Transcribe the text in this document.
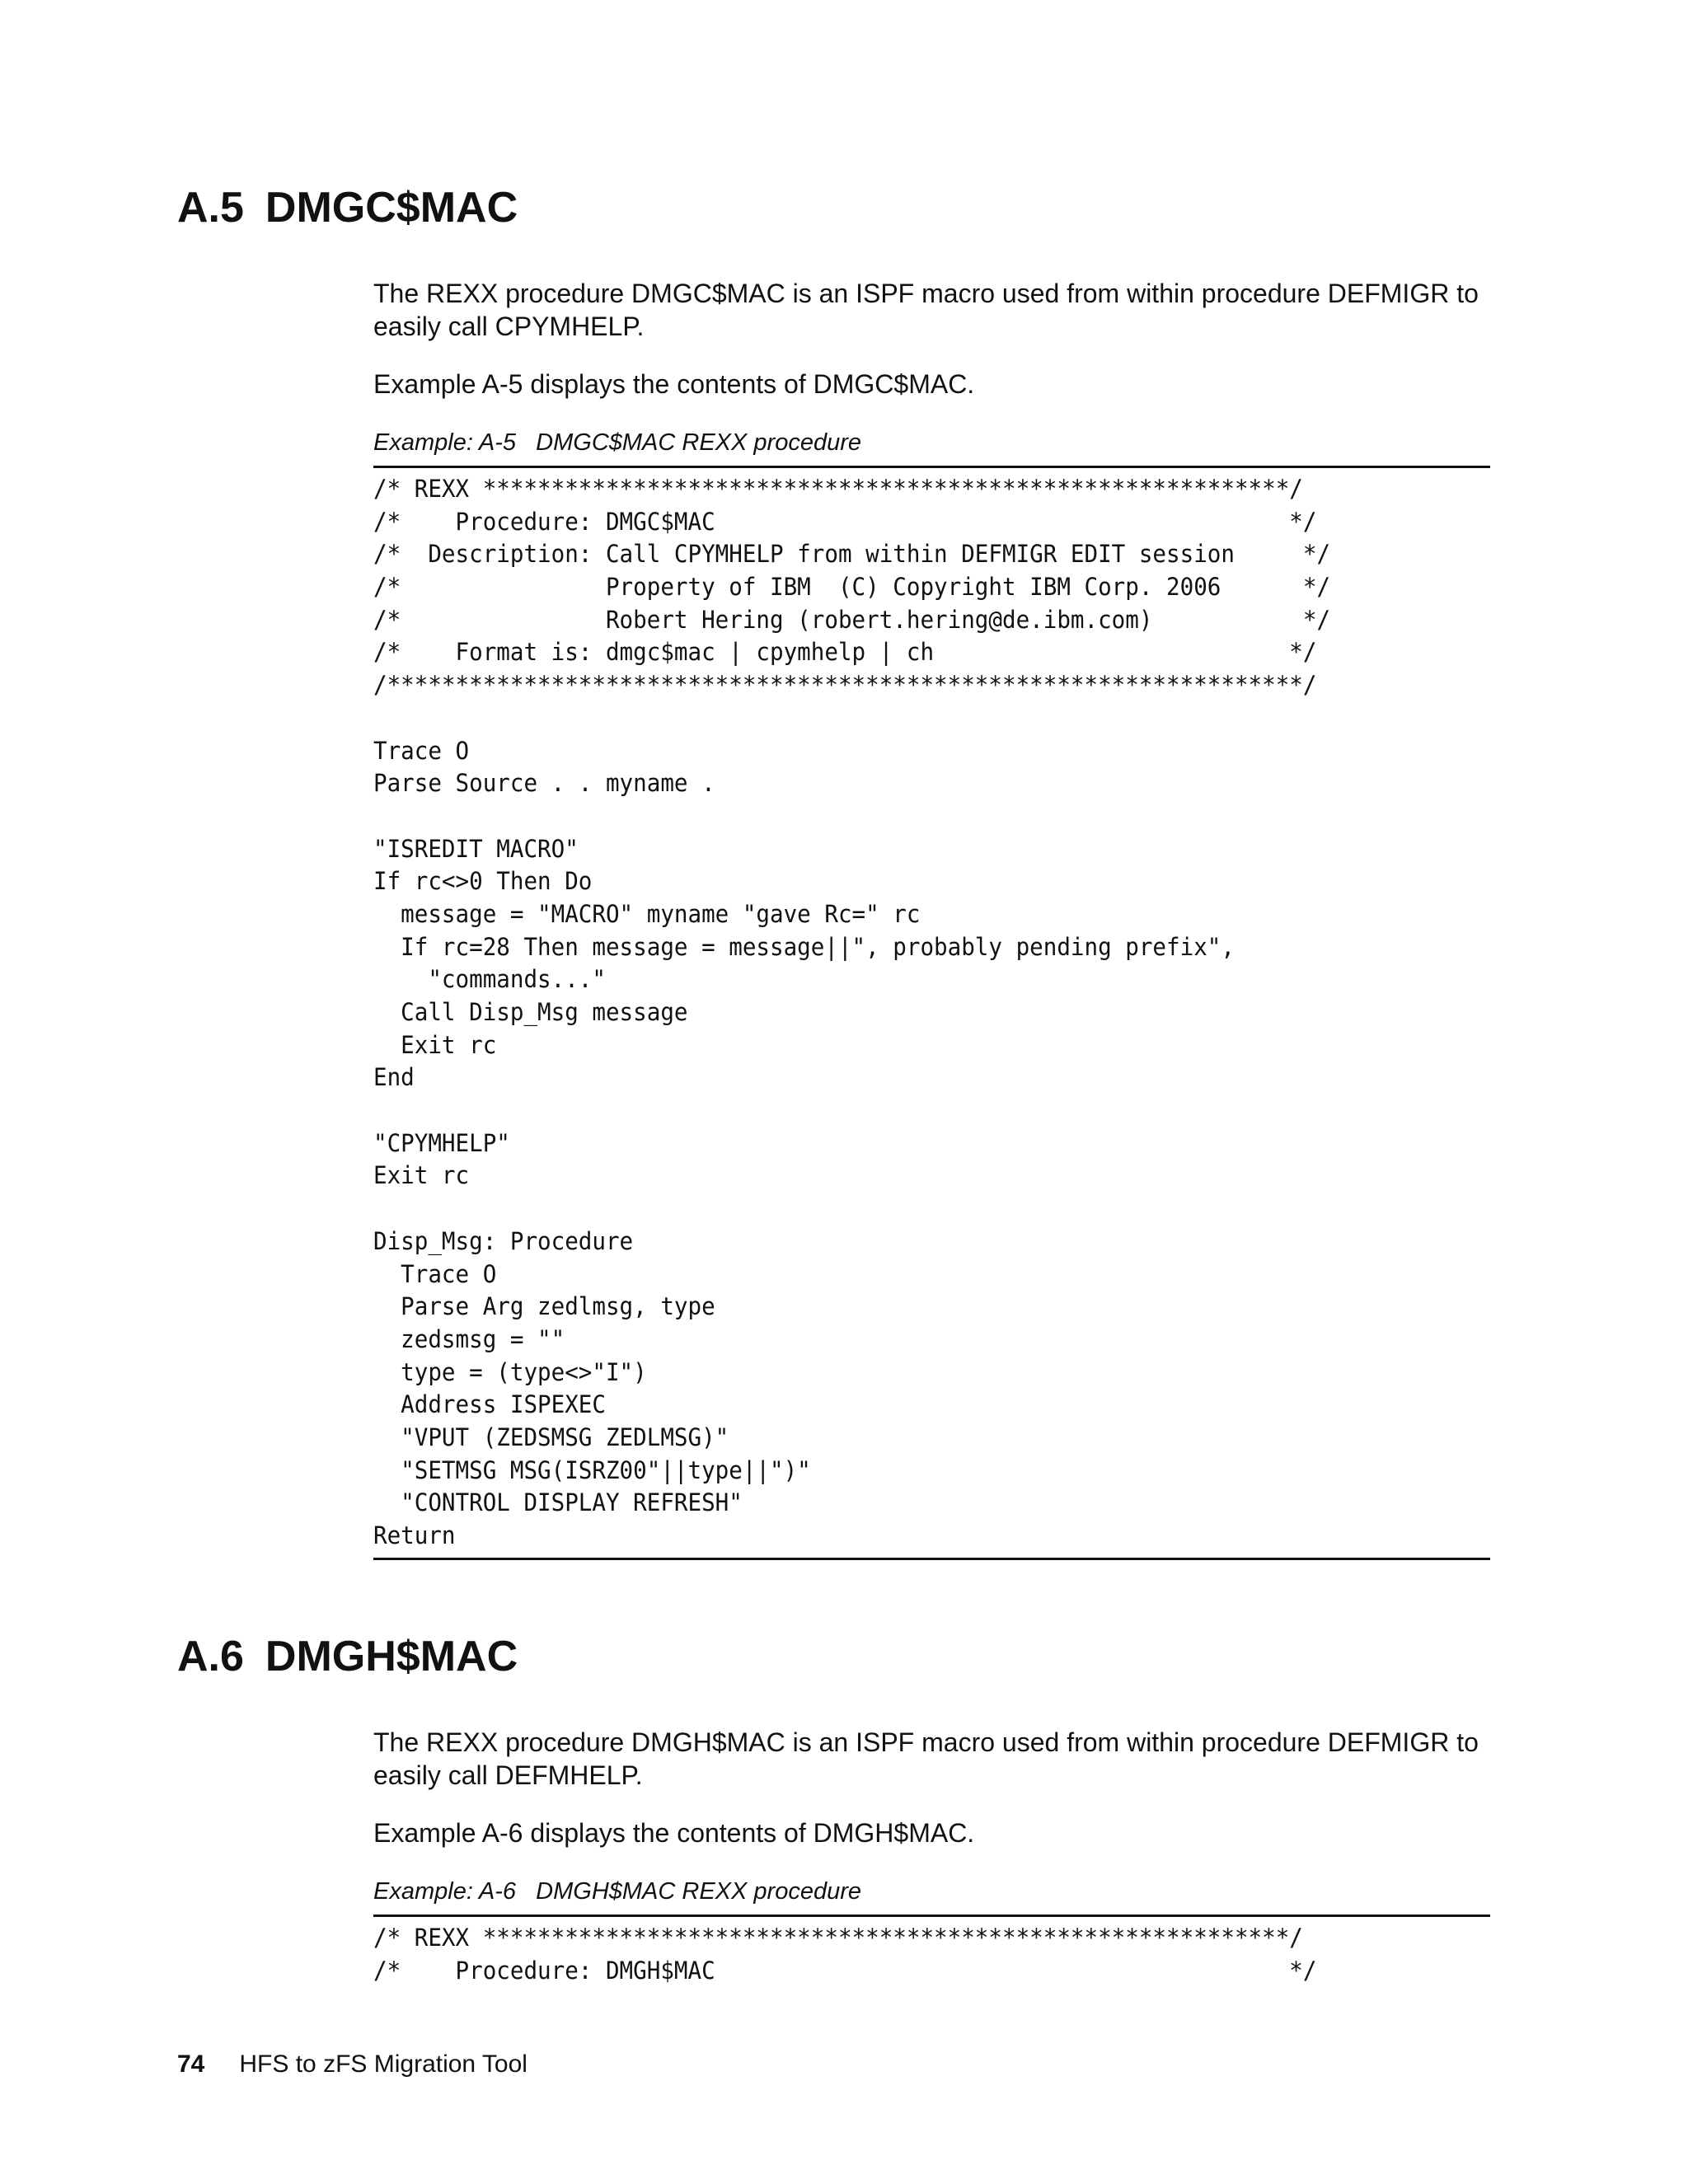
A.5 DMGC$MAC

The REXX procedure DMGC$MAC is an ISPF macro used from within procedure DEFMIGR to easily call CPYMHELP.

Example A-5 displays the contents of DMGC$MAC.

Example: A-5 DMGC$MAC REXX procedure

/* REXX ***********************************************************/
/*    Procedure: DMGC$MAC                                          */
/*  Description: Call CPYMHELP from within DEFMIGR EDIT session     */
/*               Property of IBM  (C) Copyright IBM Corp. 2006      */
/*               Robert Hering (robert.hering@de.ibm.com)           */
/*    Format is: dmgc$mac | cpymhelp | ch                          */
/*******************************************************************/
Trace O
Parse Source . . myname .
"ISREDIT MACRO"
If rc<>0 Then Do
message = "MACRO" myname "gave Rc=" rc
If rc=28 Then message = message||", probably pending prefix",
"commands..."
Call Disp_Msg message
Exit rc
End
"CPYMHELP"
Exit rc
Disp_Msg: Procedure
Trace O
Parse Arg zedlmsg, type
zedsmsg = ""
type = (type<>"I")
Address ISPEXEC
"VPUT (ZEDSMSG ZEDLMSG)"
"SETMSG MSG(ISRZ00"||type||")"
"CONTROL DISPLAY REFRESH"
Return
A.6 DMGH$MAC

The REXX procedure DMGH$MAC is an ISPF macro used from within procedure DEFMIGR to easily call DEFMHELP.

Example A-6 displays the contents of DMGH$MAC.

Example: A-6 DMGH$MAC REXX procedure

/* REXX ***********************************************************/
/*    Procedure: DMGH$MAC                                          */
74 HFS to zFS Migration Tool
